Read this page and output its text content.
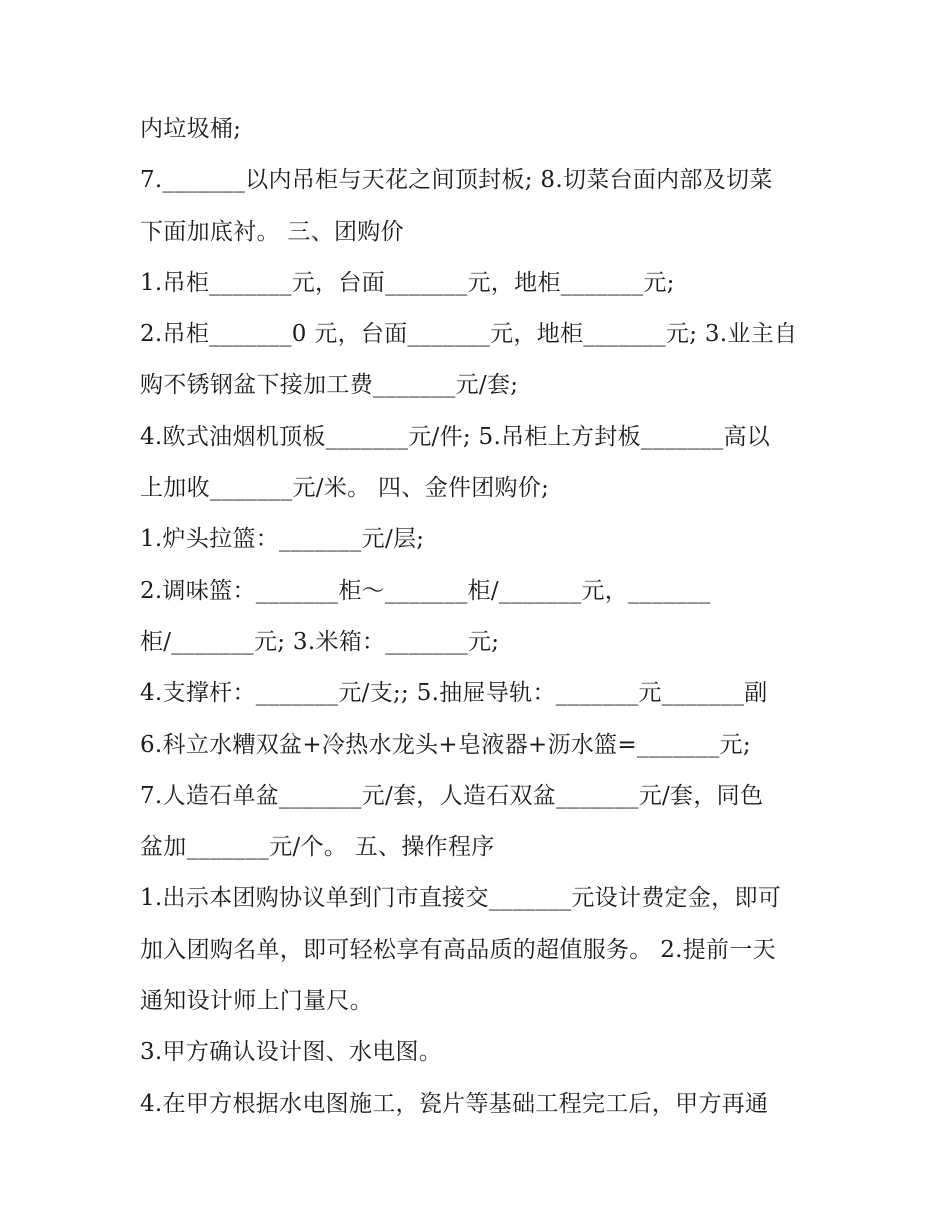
内垃圾桶;
7._______以内吊柜与天花之间顶封板; 8.切菜台面内部及切菜
下面加底衬。 三、团购价
1.吊柜_______元，台面_______元，地柜_______元;
2.吊柜_______0 元，台面_______元，地柜_______元; 3.业主自
购不锈钢盆下接加工费_______元/套;
4.欧式油烟机顶板_______元/件; 5.吊柜上方封板_______高以
上加收_______元/米。 四、金件团购价;
1.炉头拉篮：_______元/层;
2.调味篮：_______柜～_______柜/_______元，_______
柜/_______元; 3.米箱：_______元;
4.支撑杆：_______元/支;; 5.抽屉导轨：_______元_______副
6.科立水糟双盆+冷热水龙头+皂液器+沥水篮=_______元;
7.人造石单盆_______元/套，人造石双盆_______元/套，同色
盆加_______元/个。 五、操作程序
1.出示本团购协议单到门市直接交_______元设计费定金，即可
加入团购名单，即可轻松享有高品质的超值服务。 2.提前一天
通知设计师上门量尺。
3.甲方确认设计图、水电图。
4.在甲方根据水电图施工，瓷片等基础工程完工后，甲方再通
